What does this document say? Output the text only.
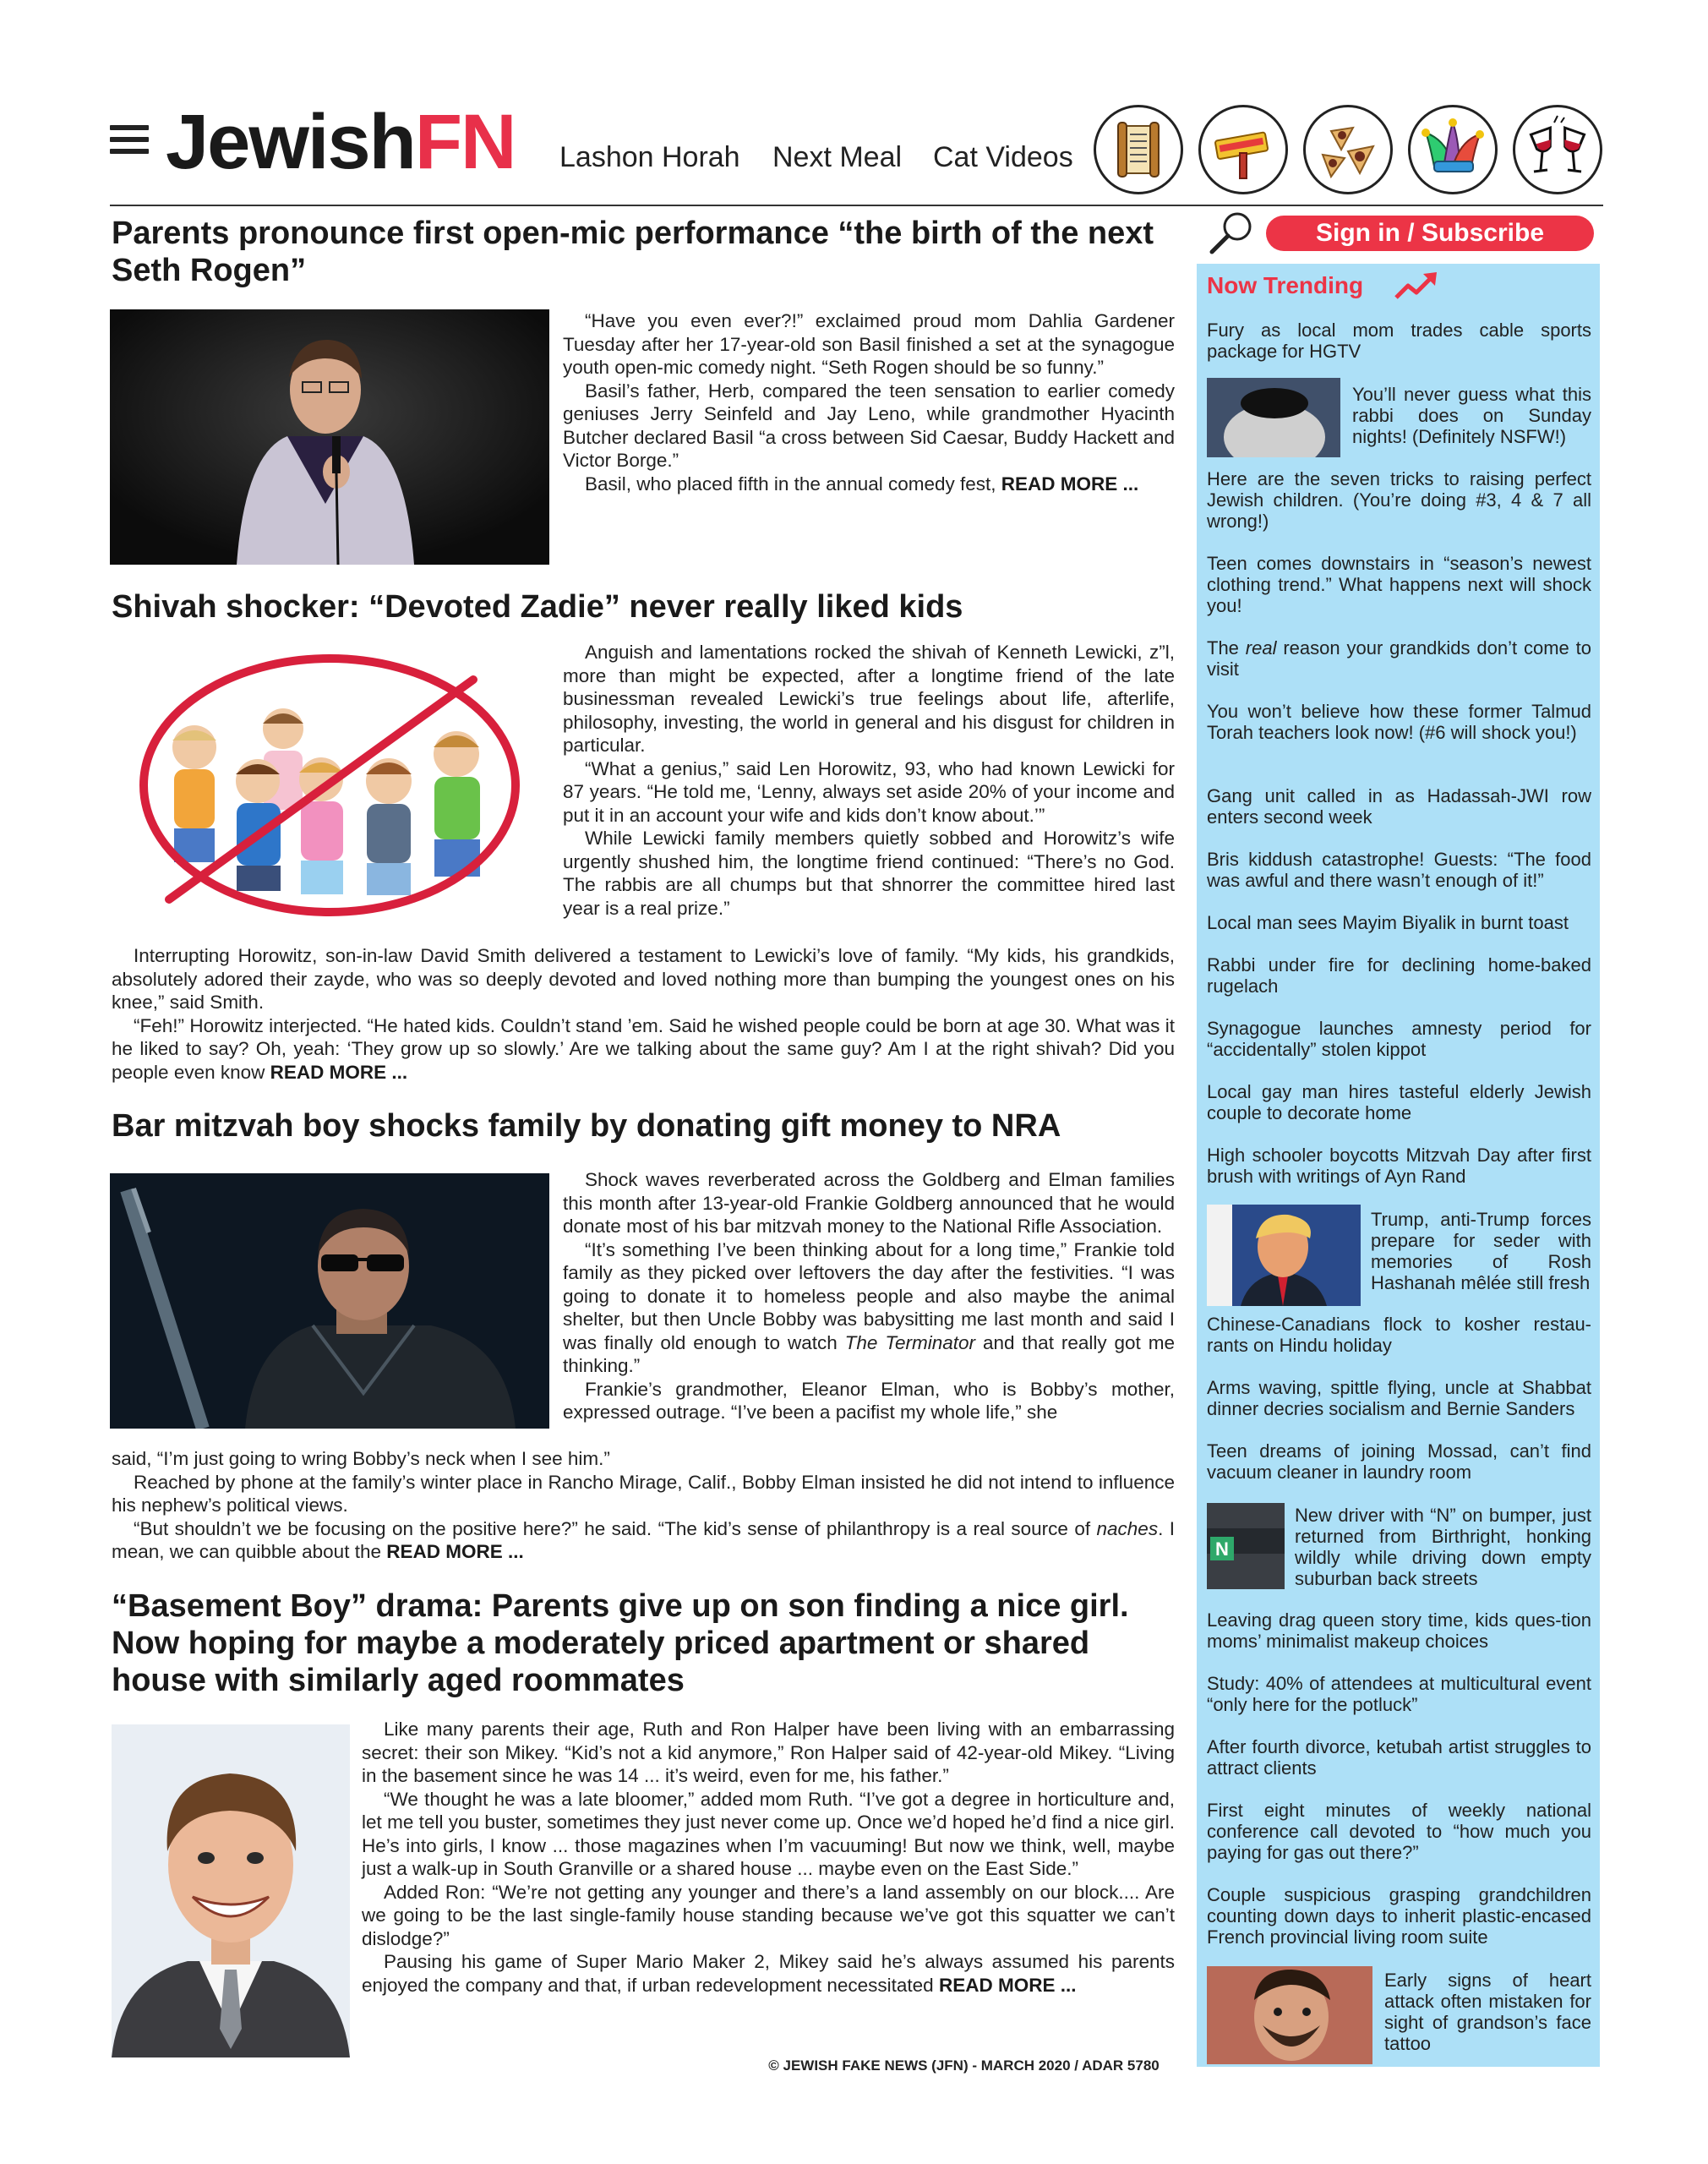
JewishFN Lashon Horah Next Meal Cat Videos
Parents pronounce first open-mic performance “the birth of the next Seth Rogen”

“Have you even ever?!” exclaimed proud mom Dahlia Gardener Tuesday after her 17-year-old son Basil finished a set at the synagogue youth open-mic comedy night. “Seth Rogen should be so funny.”

Basil’s father, Herb, compared the teen sensation to earlier comedy geniuses Jerry Seinfeld and Jay Leno, while grandmother Hyacinth Butcher declared Basil “a cross between Sid Caesar, Buddy Hackett and Victor Borge.”

Basil, who placed fifth in the annual comedy fest, READ MORE ...

Shivah shocker: “Devoted Zadie” never really liked kids

Anguish and lamentations rocked the shivah of Kenneth Lewicki, z”l, more than might be expected, after a longtime friend of the late businessman revealed Lewicki’s true feelings about life, afterlife, philosophy, investing, the world in general and his disgust for children in particular.

“What a genius,” said Len Horowitz, 93, who had known Lewicki for 87 years. “He told me, ‘Lenny, always set aside 20% of your income and put it in an account your wife and kids don’t know about.’”

While Lewicki family members quietly sobbed and Horowitz’s wife urgently shushed him, the longtime friend continued: “There’s no God. The rabbis are all chumps but that shnorrer the committee hired last year is a real prize.”

Interrupting Horowitz, son-in-law David Smith delivered a testament to Lewicki’s love of family. “My kids, his grandkids, absolutely adored their zayde, who was so deeply devoted and loved nothing more than bumping the youngest ones on his knee,” said Smith.

“Feh!” Horowitz interjected. “He hated kids. Couldn’t stand ’em. Said he wished people could be born at age 30. What was it he liked to say? Oh, yeah: ‘They grow up so slowly.’ Are we talking about the same guy? Am I at the right shivah? Did you people even know READ MORE ...

Bar mitzvah boy shocks family by donating gift money to NRA

Shock waves reverberated across the Goldberg and Elman families this month after 13-year-old Frankie Goldberg announced that he would donate most of his bar mitzvah money to the National Rifle Association.

“It’s something I’ve been thinking about for a long time,” Frankie told family as they picked over leftovers the day after the festivities. “I was going to donate it to homeless people and also maybe the animal shelter, but then Uncle Bobby was babysitting me last month and said I was finally old enough to watch The Terminator and that really got me thinking.”

Frankie’s grandmother, Eleanor Elman, who is Bobby’s mother, expressed outrage. “I’ve been a pacifist my whole life,” she

said, “I’m just going to wring Bobby’s neck when I see him.”

Reached by phone at the family’s winter place in Rancho Mirage, Calif., Bobby Elman insisted he did not intend to influence his nephew’s political views.

“But shouldn’t we be focusing on the positive here?” he said. “The kid’s sense of philanthropy is a real source of naches. I mean, we can quibble about the READ MORE ...

“Basement Boy” drama: Parents give up on son finding a nice girl. Now hoping for maybe a moderately priced apartment or shared house with similarly aged roommates

Like many parents their age, Ruth and Ron Halper have been living with an embarrassing secret: their son Mikey. “Kid’s not a kid anymore,” Ron Halper said of 42-year-old Mikey. “Living in the basement since he was 14 ... it’s weird, even for me, his father.”

“We thought he was a late bloomer,” added mom Ruth. “I’ve got a degree in horticulture and, let me tell you buster, sometimes they just never come up. Once we’d hoped he’d find a nice girl. He’s into girls, I know ... those magazines when I’m vacuuming! But now we think, well, maybe just a walk-up in South Granville or a shared house ... maybe even on the East Side.”

Added Ron: “We’re not getting any younger and there’s a land assembly on our block.... Are we going to be the last single-family house standing because we’ve got this squatter we can’t dislodge?”

Pausing his game of Super Mario Maker 2, Mikey said he’s always assumed his parents enjoyed the company and that, if urban redevelopment necessitated READ MORE ...

© JEWISH FAKE NEWS (JFN) - MARCH 2020 / ADAR 5780
Sign in / Subscribe
Now Trending
Fury as local mom trades cable sports package for HGTV
You’ll never guess what this rabbi does on Sunday nights! (Definitely NSFW!)
Here are the seven tricks to raising perfect Jewish children. (You’re doing #3, 4 & 7 all wrong!)
Teen comes downstairs in “season’s newest clothing trend.” What happens next will shock you!
The real reason your grandkids don’t come to visit
You won’t believe how these former Talmud Torah teachers look now! (#6 will shock you!)
Gang unit called in as Hadassah-JWI row enters second week
Bris kiddush catastrophe! Guests: “The food was awful and there wasn’t enough of it!”
Local man sees Mayim Biyalik in burnt toast
Rabbi under fire for declining home-baked rugelach
Synagogue launches amnesty period for “accidentally” stolen kippot
Local gay man hires tasteful elderly Jewish couple to decorate home
High schooler boycotts Mitzvah Day after first brush with writings of Ayn Rand
Trump, anti-Trump forces prepare for seder with memories of Rosh Hashanah mêlée still fresh
Chinese-Canadians flock to kosher restau-rants on Hindu holiday
Arms waving, spittle flying, uncle at Shabbat dinner decries socialism and Bernie Sanders
Teen dreams of joining Mossad, can’t find vacuum cleaner in laundry room
N
New driver with “N” on bumper, just returned from Birthright, honking wildly while driving down empty suburban back streets
Leaving drag queen story time, kids ques-tion moms’ minimalist makeup choices
Study: 40% of attendees at multicultural event “only here for the potluck”
After fourth divorce, ketubah artist struggles to attract clients
First eight minutes of weekly national conference call devoted to “how much you paying for gas out there?”
Couple suspicious grasping grandchildren counting down days to inherit plastic-encased French provincial living room suite
Early signs of heart attack often mistaken for sight of grandson’s face tattoo
